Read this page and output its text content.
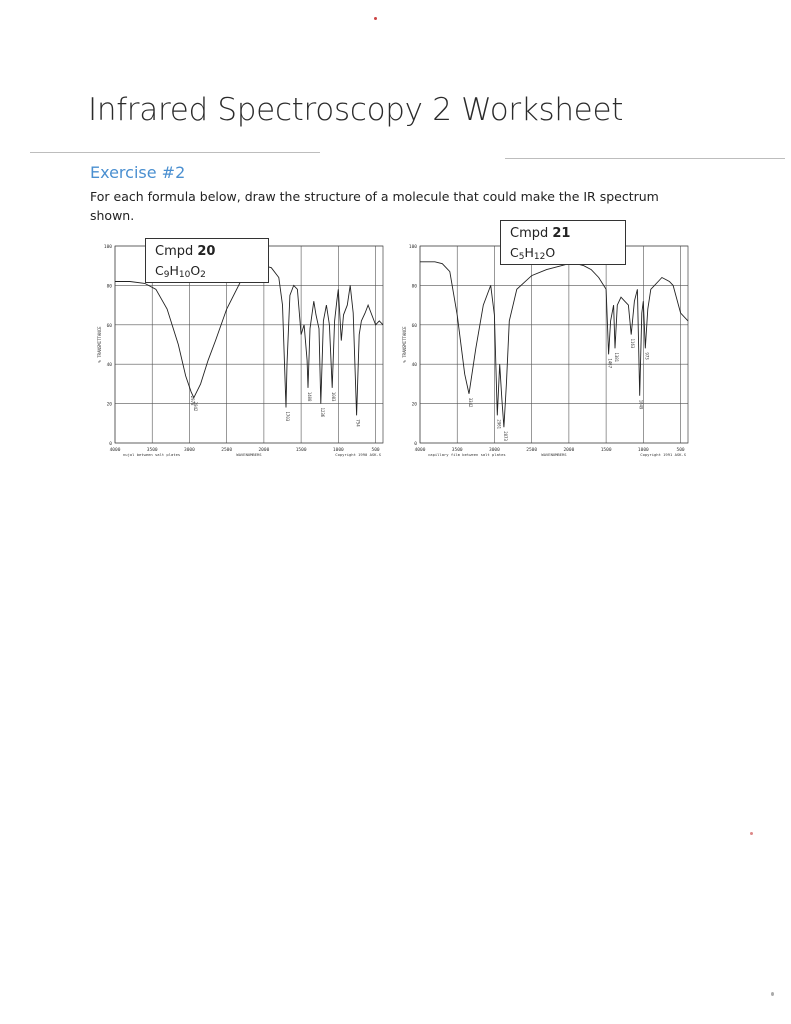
Infrared Spectroscopy 2 Worksheet
Exercise #2

For each formula below, draw the structure of a molecule that could make the IR spectrum shown.

100
80
60
40
20
0
4000	3500	3000	2500	2000	1500	1000	500
% TRANSMITTANCE
2978
2942
1703
1408
1236
1083
754
nujol between salt plates	WAVENUMBERS	Copyright 1990 ASK.S
100
80
60
40
20
0
4000	3500	3000	2500	2000	1500	1000	500
% TRANSMITTANCE
3342
2961
2873
1467
1381
1163
1049
973
capillary film between salt plates	WAVENUMBERS	Copyright 1991 ASK.S
Cmpd 20
$C_9H_{10}O_2$
Cmpd 21
$C_5H_{12}O$
